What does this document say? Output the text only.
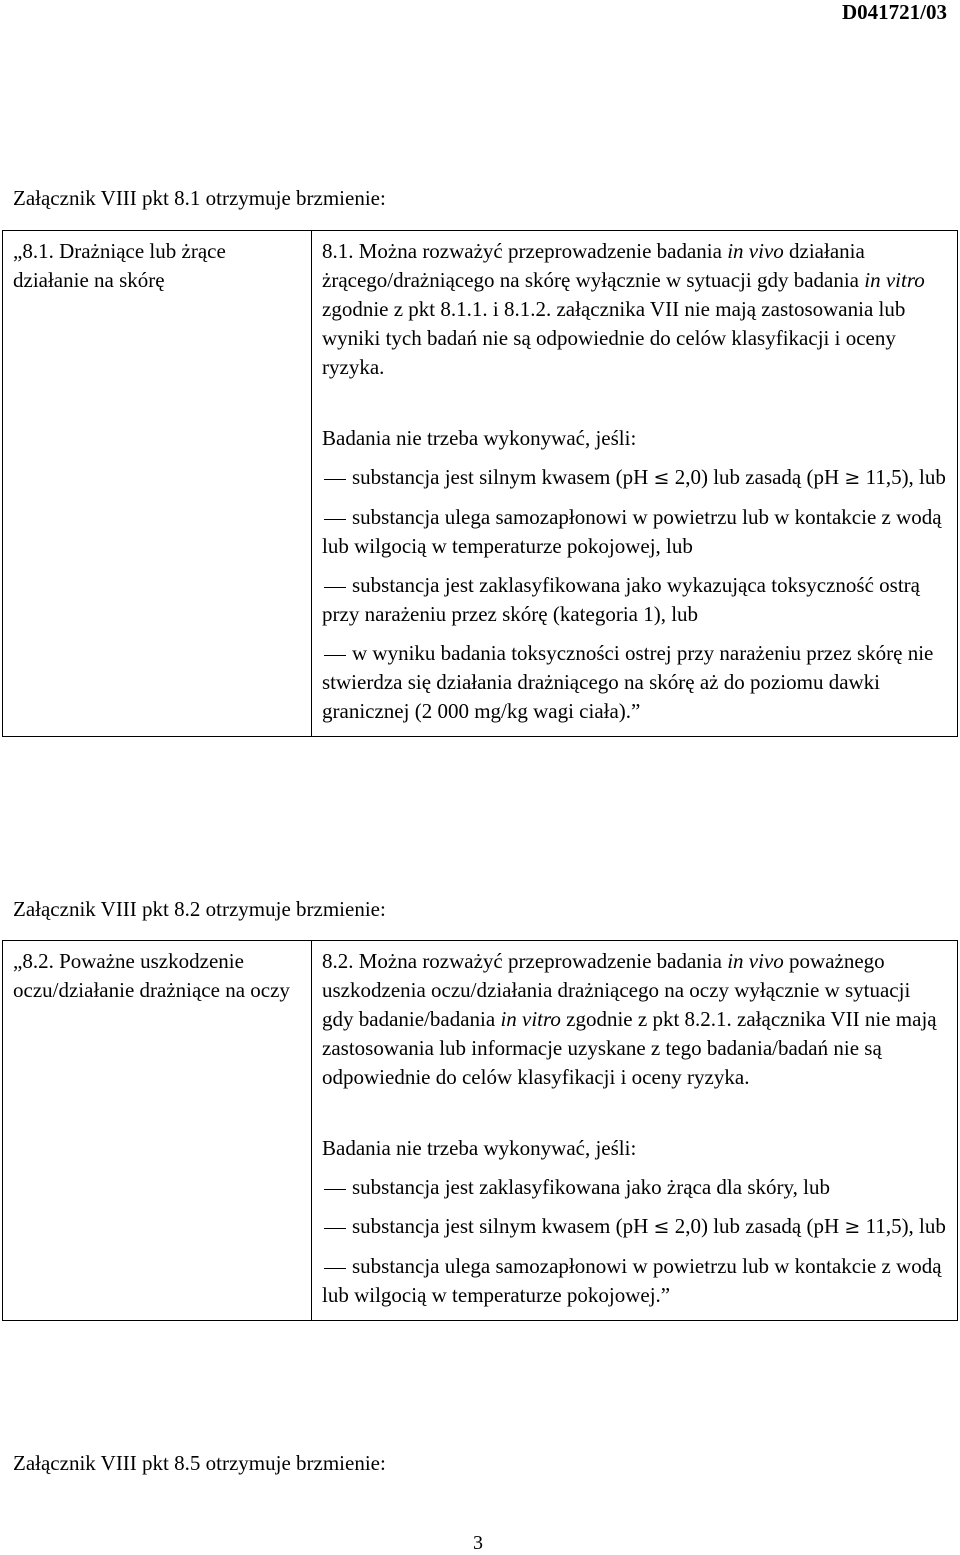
D041721/03
Załącznik VIII pkt 8.1 otrzymuje brzmienie:
„8.1. Drażniące lub żrące działanie na skórę	

8.1. Można rozważyć przeprowadzenie badania in vivo działania żrącego/drażniącego na skórę wyłącznie w sytuacji gdy badania in vitro zgodnie z pkt 8.1.1. i 8.1.2. załącznika VII nie mają zastosowania lub wyniki tych badań nie są odpowiednie do celów klasyfikacji i oceny ryzyka.

Badania nie trzeba wykonywać, jeśli:

substancja jest silnym kwasem (pH ≤ 2,0) lub zasadą (pH ≥ 11,5), lub

substancja ulega samozapłonowi w powietrzu lub w kontakcie z wodą lub wilgocią w temperaturze pokojowej, lub

substancja jest zaklasyfikowana jako wykazująca toksyczność ostrą przy narażeniu przez skórę (kategoria 1), lub

w wyniku badania toksyczności ostrej przy narażeniu przez skórę nie stwierdza się działania drażniącego na skórę aż do poziomu dawki granicznej (2 000 mg/kg wagi ciała).”

Załącznik VIII pkt 8.2 otrzymuje brzmienie:
„8.2. Poważne uszkodzenie oczu/działanie drażniące na oczy	

8.2. Można rozważyć przeprowadzenie badania in vivo poważnego uszkodzenia oczu/działania drażniącego na oczy wyłącznie w sytuacji gdy badanie/badania in vitro zgodnie z pkt 8.2.1. załącznika VII nie mają zastosowania lub informacje uzyskane z tego badania/badań nie są odpowiednie do celów klasyfikacji i oceny ryzyka.

Badania nie trzeba wykonywać, jeśli:

substancja jest zaklasyfikowana jako żrąca dla skóry, lub

substancja jest silnym kwasem (pH ≤ 2,0) lub zasadą (pH ≥ 11,5), lub

substancja ulega samozapłonowi w powietrzu lub w kontakcie z wodą lub wilgocią w temperaturze pokojowej.”

Załącznik VIII pkt 8.5 otrzymuje brzmienie:
3
